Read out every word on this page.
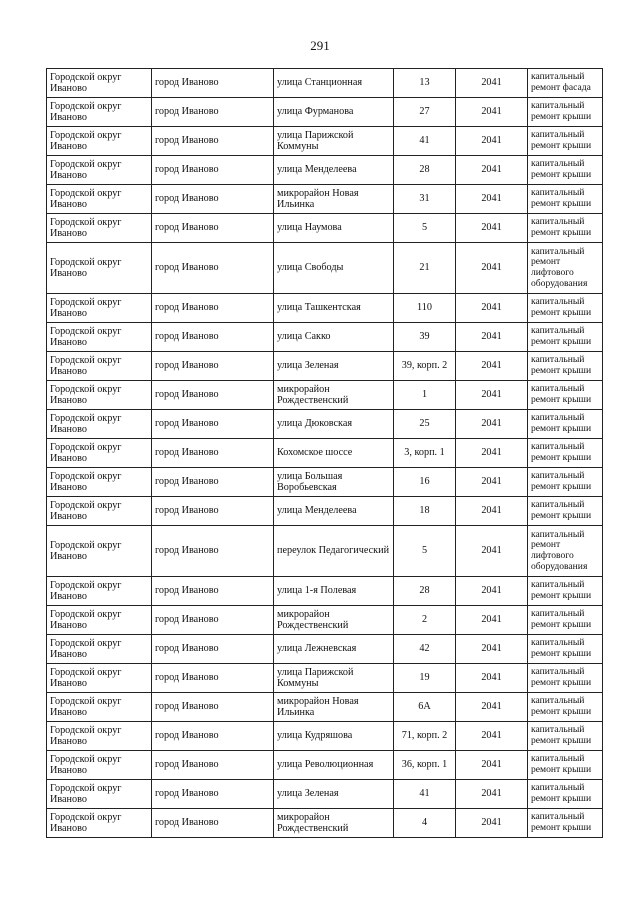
291
Городской округ Иваново	город Иваново	улица Станционная	13	2041	капитальный ремонт фасада
Городской округ Иваново	город Иваново	улица Фурманова	27	2041	капитальный ремонт крыши
Городской округ Иваново	город Иваново	улица Парижской Коммуны	41	2041	капитальный ремонт крыши
Городской округ Иваново	город Иваново	улица Менделеева	28	2041	капитальный ремонт крыши
Городской округ Иваново	город Иваново	микрорайон Новая Ильинка	31	2041	капитальный ремонт крыши
Городской округ Иваново	город Иваново	улица Наумова	5	2041	капитальный ремонт крыши
Городской округ Иваново	город Иваново	улица Свободы	21	2041	капитальный ремонт лифтового оборудования
Городской округ Иваново	город Иваново	улица Ташкентская	110	2041	капитальный ремонт крыши
Городской округ Иваново	город Иваново	улица Сакко	39	2041	капитальный ремонт крыши
Городской округ Иваново	город Иваново	улица Зеленая	39, корп. 2	2041	капитальный ремонт крыши
Городской округ Иваново	город Иваново	микрорайон Рождественский	1	2041	капитальный ремонт крыши
Городской округ Иваново	город Иваново	улица Дюковская	25	2041	капитальный ремонт крыши
Городской округ Иваново	город Иваново	Кохомское шоссе	3, корп. 1	2041	капитальный ремонт крыши
Городской округ Иваново	город Иваново	улица Большая Воробьевская	16	2041	капитальный ремонт крыши
Городской округ Иваново	город Иваново	улица Менделеева	18	2041	капитальный ремонт крыши
Городской округ Иваново	город Иваново	переулок Педагогический	5	2041	капитальный ремонт лифтового оборудования
Городской округ Иваново	город Иваново	улица 1-я Полевая	28	2041	капитальный ремонт крыши
Городской округ Иваново	город Иваново	микрорайон Рождественский	2	2041	капитальный ремонт крыши
Городской округ Иваново	город Иваново	улица Лежневская	42	2041	капитальный ремонт крыши
Городской округ Иваново	город Иваново	улица Парижской Коммуны	19	2041	капитальный ремонт крыши
Городской округ Иваново	город Иваново	микрорайон Новая Ильинка	6А	2041	капитальный ремонт крыши
Городской округ Иваново	город Иваново	улица Кудряшова	71, корп. 2	2041	капитальный ремонт крыши
Городской округ Иваново	город Иваново	улица Революционная	36, корп. 1	2041	капитальный ремонт крыши
Городской округ Иваново	город Иваново	улица Зеленая	41	2041	капитальный ремонт крыши
Городской округ Иваново	город Иваново	микрорайон Рождественский	4	2041	капитальный ремонт крыши
